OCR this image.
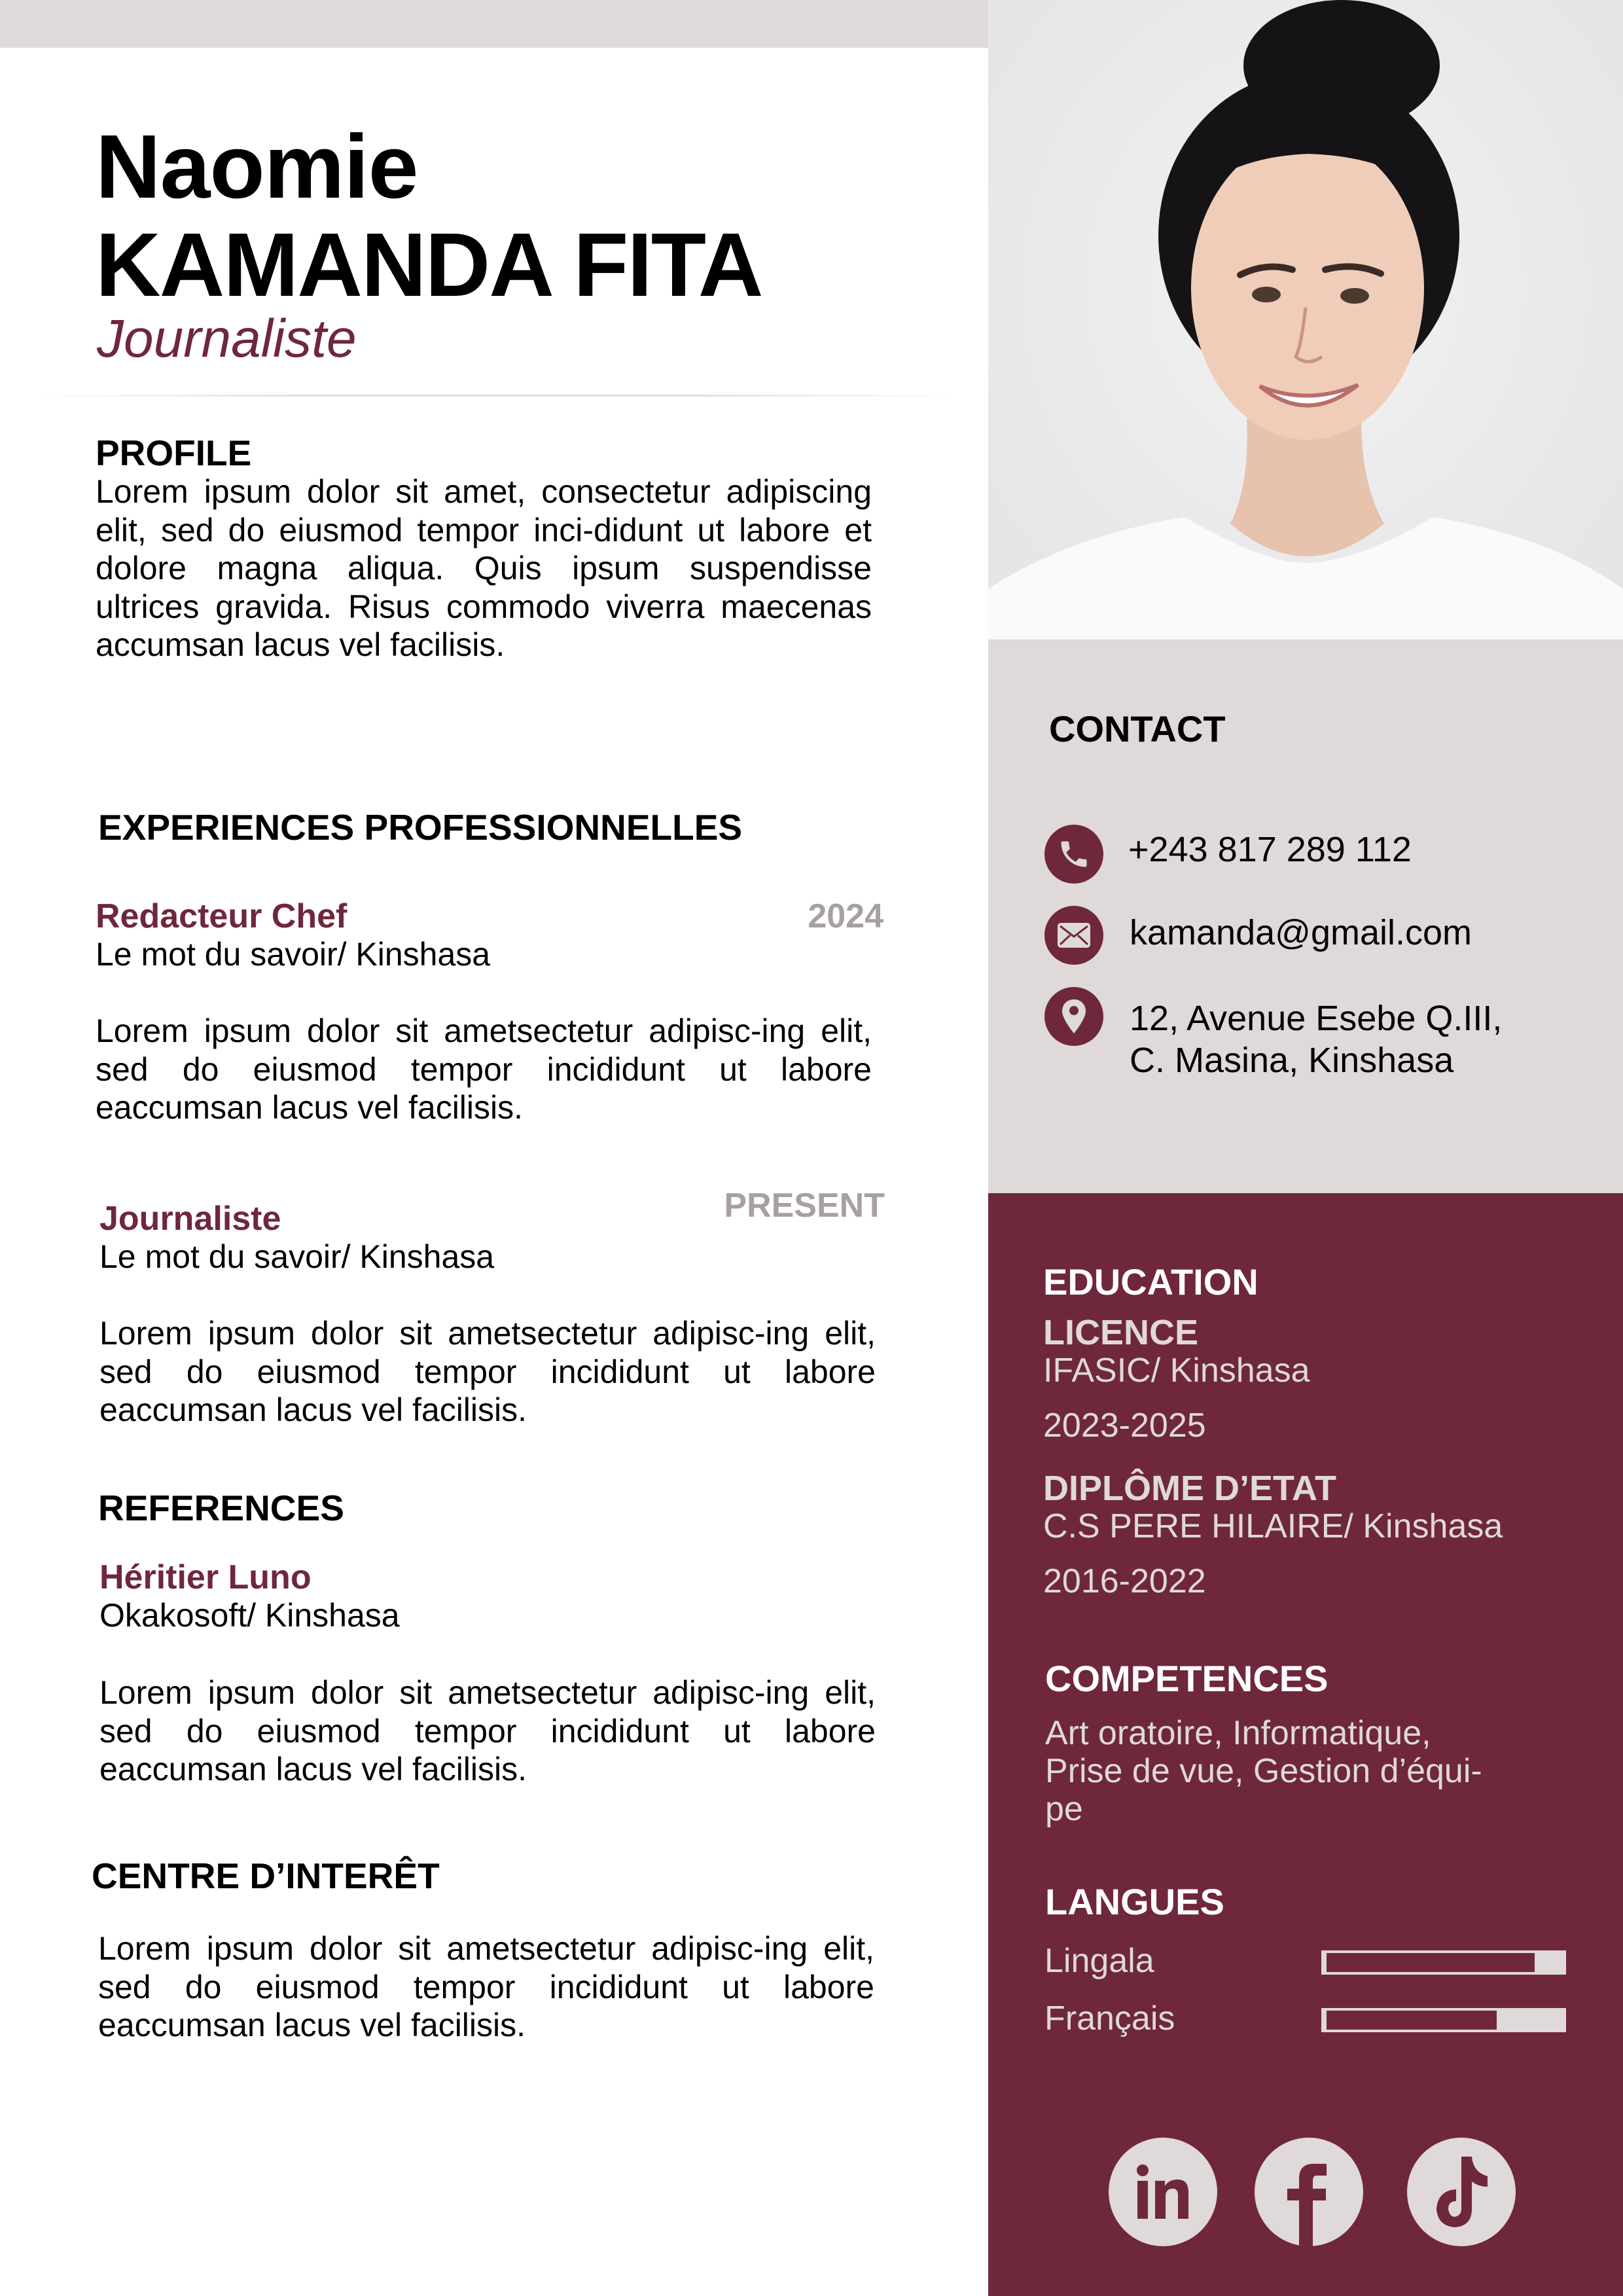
Naomie
KAMANDA FITA
Journaliste
PROFILE
Lorem ipsum dolor sit amet, consectetur adipiscing elit, sed do eiusmod tempor inci-didunt ut labore et dolore magna aliqua. Quis ipsum suspendisse ultrices gravida. Risus commodo viverra maecenas accumsan lacus vel facilisis.
EXPERIENCES PROFESSIONNELLES
Redacteur Chef	2024
Le mot du savoir/ Kinshasa
Lorem ipsum dolor sit ametsectetur adipisc-ing elit, sed do eiusmod tempor incididunt ut labore eaccumsan lacus vel facilisis.
Journaliste	PRESENT
Le mot du savoir/ Kinshasa
Lorem ipsum dolor sit ametsectetur adipisc-ing elit, sed do eiusmod tempor incididunt ut labore eaccumsan lacus vel facilisis.
REFERENCES
Héritier Luno
Okakosoft/ Kinshasa
Lorem ipsum dolor sit ametsectetur adipisc-ing elit, sed do eiusmod tempor incididunt ut labore eaccumsan lacus vel facilisis.
CENTRE D’INTERÊT
Lorem ipsum dolor sit ametsectetur adipisc-ing elit, sed do eiusmod tempor incididunt ut labore eaccumsan lacus vel facilisis.
CONTACT
+243 817 289 112
kamanda@gmail.com
12, Avenue Esebe Q.III,
C. Masina, Kinshasa
EDUCATION
LICENCE
IFASIC/ Kinshasa
2023-2025
DIPLÔME D’ETAT
C.S PERE HILAIRE/ Kinshasa
2016-2022
COMPETENCES
Art oratoire, Informatique,
Prise de vue, Gestion d’équi-
pe
LANGUES
Lingala
Français
